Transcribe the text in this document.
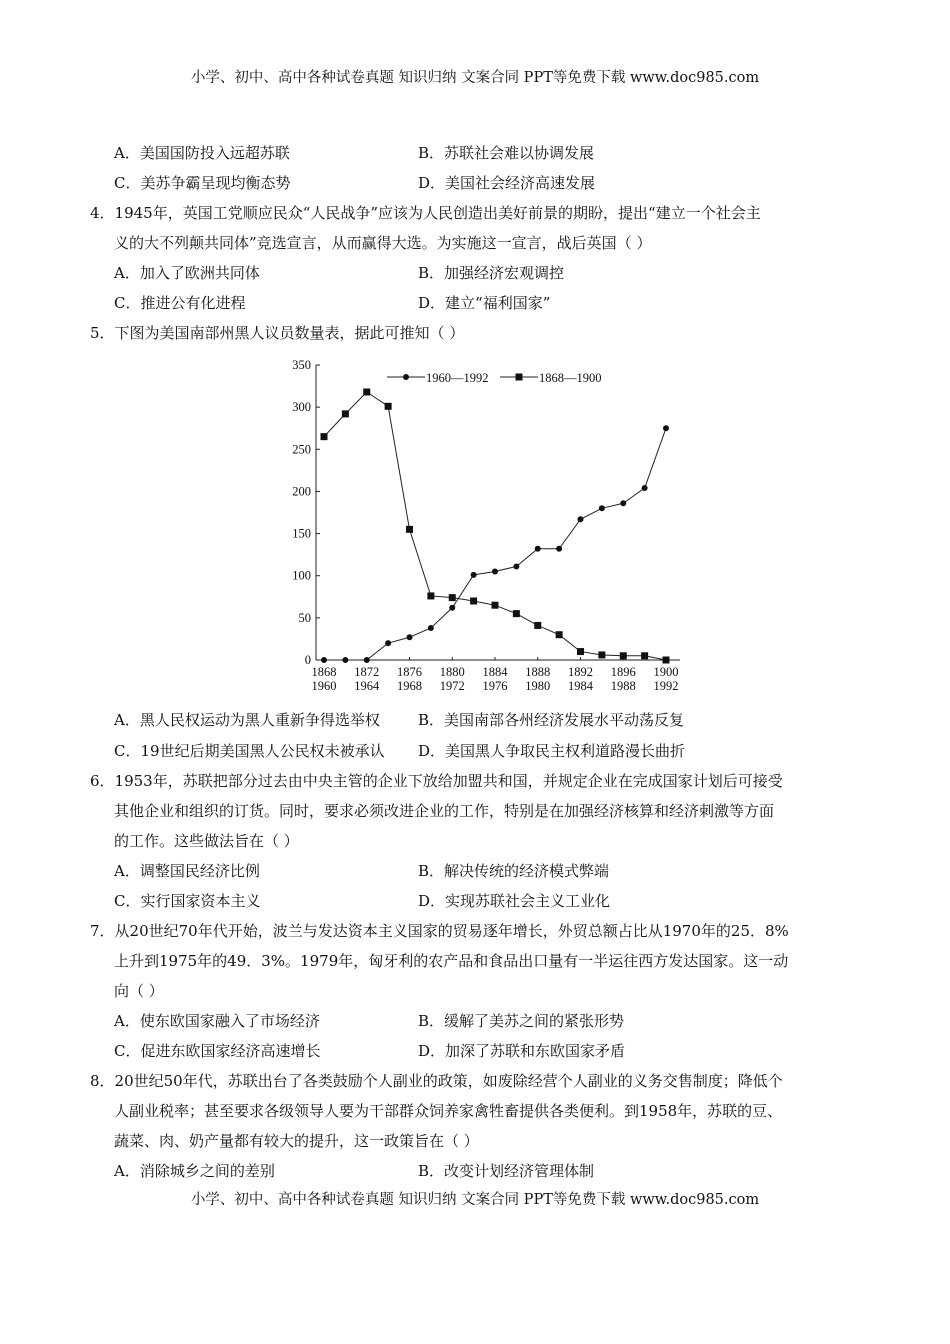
小学、初中、高中各种试卷真题 知识归纳 文案合同 PPT等免费下载 www.doc985.com
A．美国国防投入远超苏联	B．苏联社会难以协调发展
C．美苏争霸呈现均衡态势	D．美国社会经济高速发展
4．1945年，英国工党顺应民众“人民战争”应该为人民创造出美好前景的期盼，提出“建立一个社会主
义的大不列颠共同体”竞选宣言，从而赢得大选。为实施这一宣言，战后英国（ ）
A．加入了欧洲共同体	B．加强经济宏观调控
C．推进公有化进程	D．建立“福利国家”
5．下图为美国南部州黑人议员数量表，据此可推知（ ）
0
50
100
150
200
250
300
350
1868
1960
1872
1964
1876
1968
1880
1972
1884
1976
1888
1980
1892
1984
1896
1988
1900
1992
1960—1992	1868—1900
A．黑人民权运动为黑人重新争得选举权	B．美国南部各州经济发展水平动荡反复
C．19世纪后期美国黑人公民权未被承认 D．美国黑人争取民主权利道路漫长曲折
6．1953年，苏联把部分过去由中央主管的企业下放给加盟共和国，并规定企业在完成国家计划后可接受
其他企业和组织的订货。同时，要求必须改进企业的工作，特别是在加强经济核算和经济刺激等方面
的工作。这些做法旨在（ ）
A．调整国民经济比例	B．解决传统的经济模式弊端
C．实行国家资本主义	D．实现苏联社会主义工业化
7．从20世纪70年代开始，波兰与发达资本主义国家的贸易逐年增长，外贸总额占比从1970年的25．8%
上升到1975年的49．3%。1979年，匈牙利的农产品和食品出口量有一半运往西方发达国家。这一动
向（ ）
A．使东欧国家融入了市场经济	B．缓解了美苏之间的紧张形势
C．促进东欧国家经济高速增长	D．加深了苏联和东欧国家矛盾
8．20世纪50年代，苏联出台了各类鼓励个人副业的政策，如废除经营个人副业的义务交售制度；降低个
人副业税率；甚至要求各级领导人要为干部群众饲养家禽牲畜提供各类便利。到1958年，苏联的豆、
蔬菜、肉、奶产量都有较大的提升，这一政策旨在（ ）
A．消除城乡之间的差别	B．改变计划经济管理体制
小学、初中、高中各种试卷真题 知识归纳 文案合同 PPT等免费下载 www.doc985.com
